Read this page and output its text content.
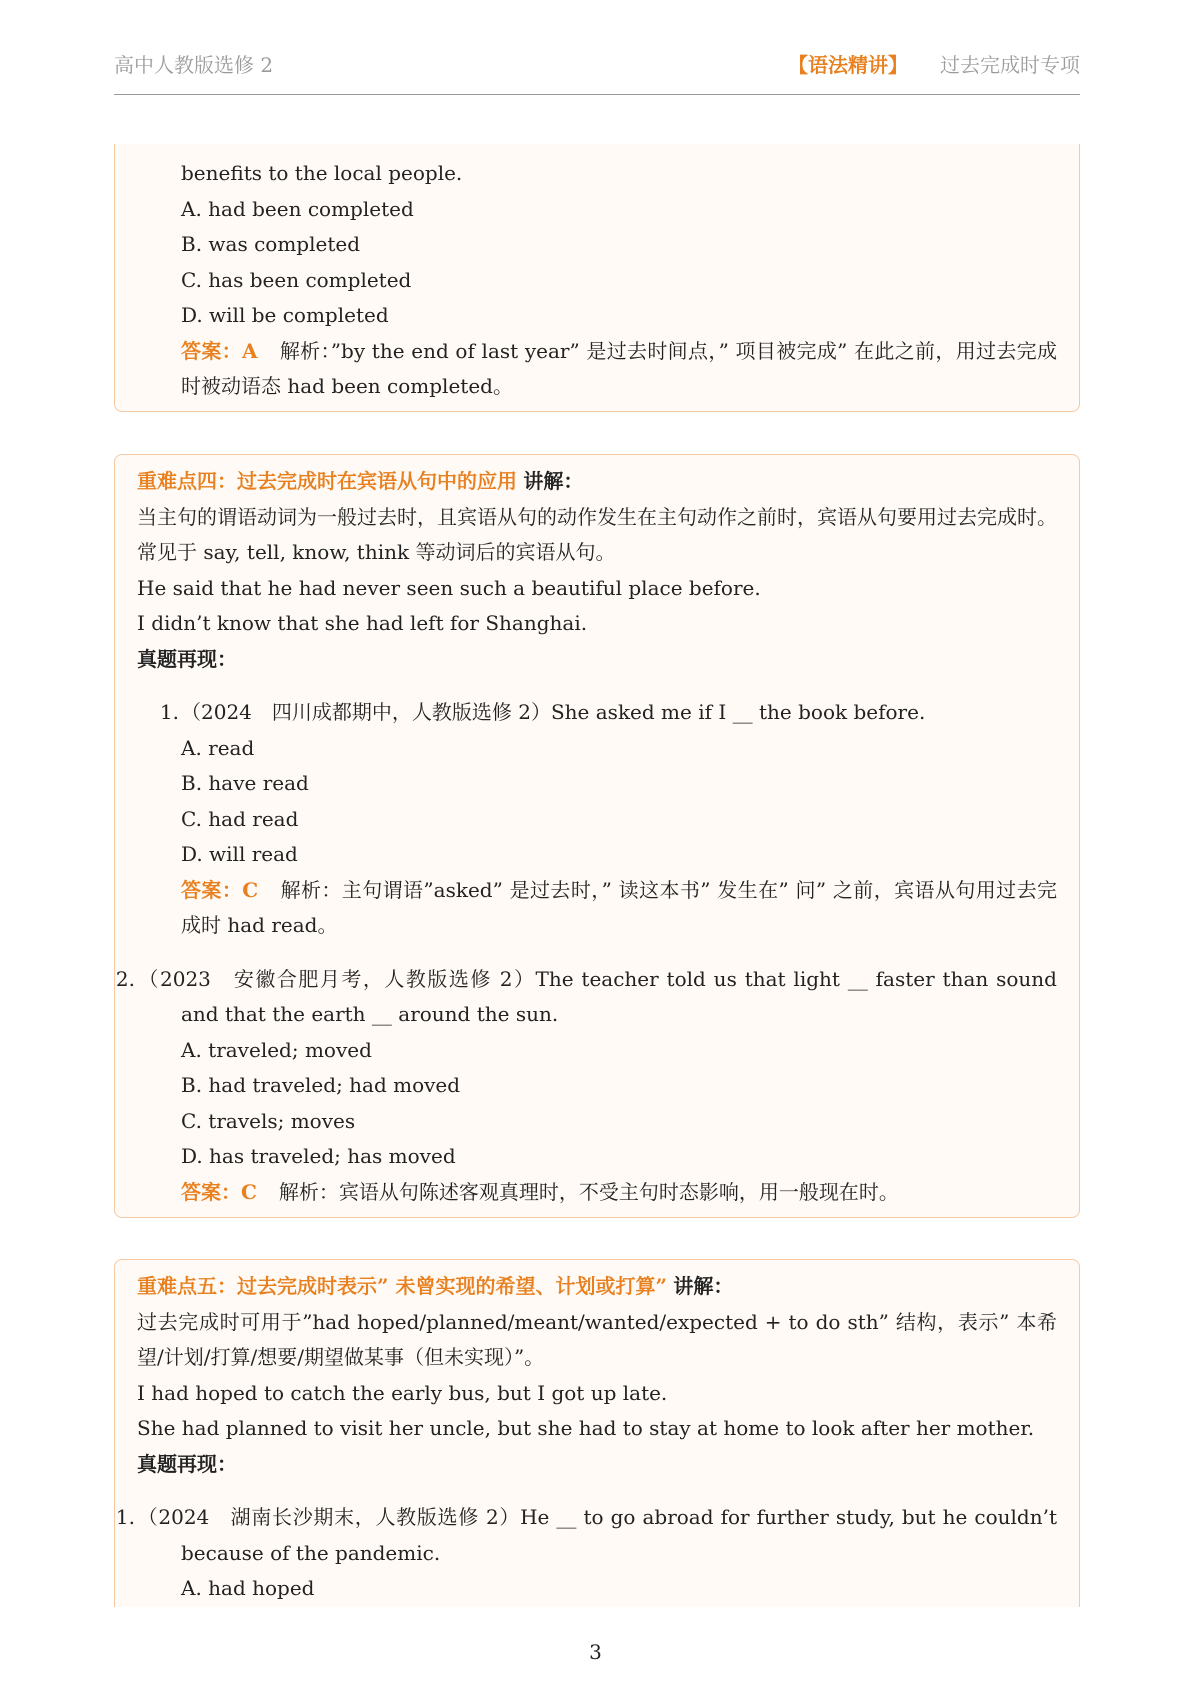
高中人教版选修 2	【语法精讲】 过去完成时专项
benefits to the local people.
A. had been completed
B. was completed
C. has been completed
D. will be completed
答案：A 解析：”by the end of last year” 是过去时间点，” 项目被完成” 在此之前，用过去完成时被动语态 had been completed。
重难点四：过去完成时在宾语从句中的应用 讲解：
当主句的谓语动词为一般过去时，且宾语从句的动作发生在主句动作之前时，宾语从句要用过去完成时。常见于 say, tell, know, think 等动词后的宾语从句。
He said that he had never seen such a beautiful place before.
I didn’t know that she had left for Shanghai.
真题再现：
1. （2024　四川成都期中，人教版选修 2）She asked me if I __ the book before.
A. read
B. have read
C. had read
D. will read
答案：C 解析：主句谓语”asked” 是过去时，” 读这本书” 发生在” 问” 之前，宾语从句用过去完成时 had read。
2. （2023　安徽合肥月考，人教版选修 2）The teacher told us that light __ faster than sound and that the earth __ around the sun.
A. traveled; moved
B. had traveled; had moved
C. travels; moves
D. has traveled; has moved
答案：C 解析：宾语从句陈述客观真理时，不受主句时态影响，用一般现在时。
重难点五：过去完成时表示” 未曾实现的希望、计划或打算” 讲解：
过去完成时可用于”had hoped/planned/meant/wanted/expected + to do sth” 结构，表示” 本希望/计划/打算/想要/期望做某事（但未实现）”。
I had hoped to catch the early bus, but I got up late.
She had planned to visit her uncle, but she had to stay at home to look after her mother.
真题再现：
1. （2024　湖南长沙期末，人教版选修 2）He __ to go abroad for further study, but he couldn’t because of the pandemic.
A. had hoped
3
